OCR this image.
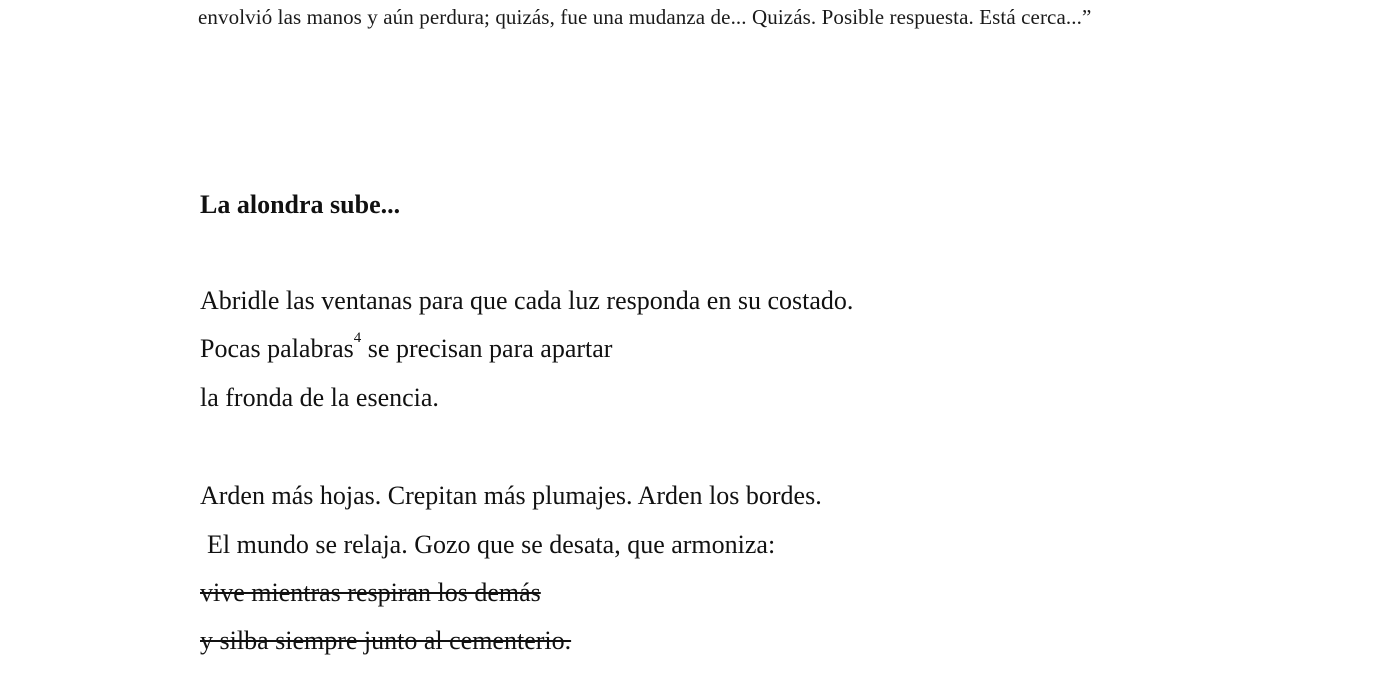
envolvió las manos y aún perdura; quizás, fue una mudanza de... Quizás. Posible respuesta. Está cerca...”
La alondra sube...
Abridle las ventanas para que cada luz responda en su costado.
Pocas palabras$^4$ se precisan para apartar
la fronda de la esencia.
Arden más hojas. Crepitan más plumajes. Arden los bordes.
El mundo se relaja. Gozo que se desata, que armoniza:
vive mientras respiran los demás
y silba siempre junto al cementerio.
